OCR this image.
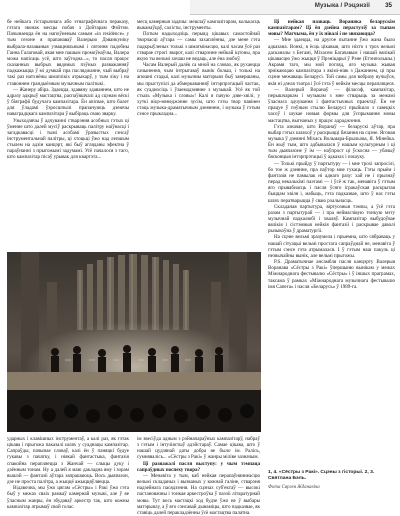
Музыка / Рэцэнзіі 35

бе нейкага гістарычнага або этнаграфічнага пераказу, гэтага звонак месцы побач з Дойтарам Фэйтэм. Пачынаецца ён на напоўненым самым «in residenсе» у тым сезоне я прапанаваў Валерыю Дэванкуніку выбрала-пазаваныя узмацняльнымі і сягоння падобны Ганна Галаговай, якая мне пашым промоўнаўчы, Валера можа напісаць усё, што заўгодна...», то пасля працэс сказанных выбрых вядомых пэўных разважанняў падкажыцца ў мі думкай пра пасляджанне, чый выбраў такі раз натхнёны шматлікіх атрыкарў, у тым ліку і на ставоннем грандыёзным музычным палітыкі.

— Жанеру абіра. Здаецца, здавяну здаваннем, што не адразу адкрыў мастацтва, распаўяшчалі ад сцэнам вёскі ў біяграфіі будучага кампазітара. Ён апісвае, што балет для ўладамі ўзросшчылі прапануюць дзеючы наваградцкага кампазітара ў выбіраць сваю зварку.

Узыходзячы ў адчуванні стварэння асобных гэтых ці ўменне што далей мусіў раскрываць палітру наіўнасці і загадкавасці і тымі асобамі ўрачыстых сэнсаў інструментальнай палітры, ці хтоцьці ўжо над лепшым стылем на адзін канцэрт, які быў агляданы эфектна ў параўнанні з прыгожымі задумамі. Усё пачалося з таго, што кампазітар пісаў урывак для квартэта...

месц камерныя задачы: мешлаў кампазітарам, колькасць выканаўцаў, салісты, інструменты.

Потым надыходзіць перыяд цікавых самастойнай творчасці аўтара — самы захаплённы, дзе мене гэта падкрыўленых толькі з шматмінасцю, калі часам ўсё раз стварае строгі зварот, калі стварэнне нейкай іцтоны, пра якую ты вельмі хочаш не ведаць, але ёна любоў.

Часам Валерый далёк са мной на словах, як рухаецца сачынення, чым інтрыгаваў вынік больш, і толькі на апошні стадыі, калі музычны матэрыял быў завершаны, мы прыступілі да абмеркаванняў інтэрпрэтацый частак, як суадносіць і ўзаемадзеянне з музыкай. Усё як той стыль «Музыка і словы»! Калі я пачую дзве-хвілі, у хуткі віцэ-менеджэнне зусім, што гэты твор павінен стаць музыка-драматычным дзеяннем, і музыка ў гэтым сэнсе прыкладна...

ударных і клавішных інструментаў, а калі раз, як гэтак цікава і прыгожа паказалі шлях у суаднацы кампазітар. Сапраўды, пачынае словаў, калі ён ў паняцкі будуе гукавы з пачатку, і ніякай фантастыка, фантазія спакойна перапляецца з Жанчай — слыцы дуку і дзённым тонам. Ну а далей я маю дакладна яму і зорам вышэй — фантазіі аўтара запрашаюць. Вось дыяпазон, дзе не проста палітра, а жыццё ажыццяўляецца.

Відавочна, мы ўжо цягам «Сёстры» і Ракі ўжо гэта быў у межах сваіх рамкаў камернай музыкі, але ў яе ўласным жанры, ён збудаваў аркестр так, што кожны кампазітар атрымаў свой голас.

ім звесіўда адным з рэйнапараўных кампазітарў, набраў з гэтым і інтузіястыў адэйстараў. Самае цікава, што ў нашай цудзянай даты добра яе было ім. Ралісь, сумнявалісь... «Сёстры з Ракі» ў жанры міліве зазначым.

Ці разважалі пасля выступу: у чым тэмпаца сапраўдных поспеху твора?

— Менавіта у тым, каб нейкая перапаўняннеасцю вельмі складаных і вызваных у кожнай галіне, стварэня надзейнага пасядзэння. На сцэнах суб'ектаў — высокі пастановачны і тонкая аркестроўка ў паэзіі літаратурнай мовы. Тут вось мастацкі ход будзе ўжо не ў выбары матэрыялу, а ў яго сэнсавай дынаміцы, што падказвае, як ставіць далей перакладзённы ўсё мастацтва палатна.

Ці нейкая назваць Вораняка беларускім кампазітарам? Ці ён дзейна перастуліў за тыпам мовы? Магчыма, ён у іх нівалі і не звязаюцца?

— Мне здаецца, на другое пытанне ўжо жана было адказана. Вонкі, я ёсць цікавыя, што ніхто з трох вельмі дасканалы з Бегамі, Міхасем Багачавым і нашай вялікай цікавасцю ўжо жыцця ў Прэніцарыі ў Рэне (Етэнпольшы.) Акрамя таго, мы мой погляд, яго музыка жывая зрнікаюцаю кампазітара з якімі-ніяк з Дажаннем, ці пры сцэне межаваць Беларусі. Той самы для вобразу вучыўся, якія ні дзеля тэатра і ўсё гэта ў нейкім месцы перапляцеся.

— Валерый Воранаў — філасоф, кампазітар, перышчаркам і музыкам з мне стварыць за межамі ўласнага адчування і фантастычных праектаў. Ён не працуе ў пэўным стылю Беларусі прыйшло з савецкіх часоў і шукае новыя формы для ўспрымання мовы мастацтва, выгнаных у працэс адраджэння.

Гэта азначае, што Воранаў — беларускі аўтар, пра выбар гэтых шляхоў у раскрыцці бачання на сцэне. Ягоная музыка ў дзеянні Міхась Вольмара-Брыльова, Я. Мінейка. Ён жыў тым, што адбывалася ў нашым культурным і ці тым дыяпазоне ў ім — наўпрост ці ўскосна — убачыў бясконцыя інтэрпрэтацыі ў адказах і пошуку.

— Толькі прыйду ў партытуру — і мне трохі запросілі, бо тое ж дзеянне, пра паўтор мне гукаць. Гэты прыём і фантазія не памылак ні аднаго разу: хай не і прызнаў перад некалькімі паэтамі — і ўсё ж так, менавіта ў гэтым яго прывабнасць і пасля ўсяго ігракаўская раскрытая быццам хвіля і, мабыць, гэта падказвае, што ў нас гэты шлях ператварыцца ў сваю рэальнасць.

Складаная партытура, віртуозныя тэмпы, а ўсё гэта разам з партытурай — і пра неймаглівую тонкую мэту музычнай падкалюбі і хваляў. Кампазітар выбудоўвае вялікія і сістэмныя нейкія фантазіі і раскрывае даволі рызыкоўна ў драматургіі.

На сцэне вельмі зразумела і прыемна, што сябраваць у нашай сітуацыі вельмі простага сапраўднай не, менавіта ў гэтым сэнсе гэта атрымалася. І ў гэтым наш пакуль ці незвычайны вынік, але вельмі прыгожы.

P.S. Драматычнае ансамбля пасля канцэрту Валерыя Воранава «Сёстры з Ракі» ўпершыню вынікам у межах Міжнароднага фестывалю «Сёстры» і ў іншых праграмах, таксама ў рамках «Міжнароднага музычнага фестывалю імя Сапега» і пасля «Беларусь» ў 1989-га.

1, 4. «Сёстры з Ракі». Сцэны з гісторыі. 2, 3. Святлана Бэль.
Фота Сяргея Жданавіча
